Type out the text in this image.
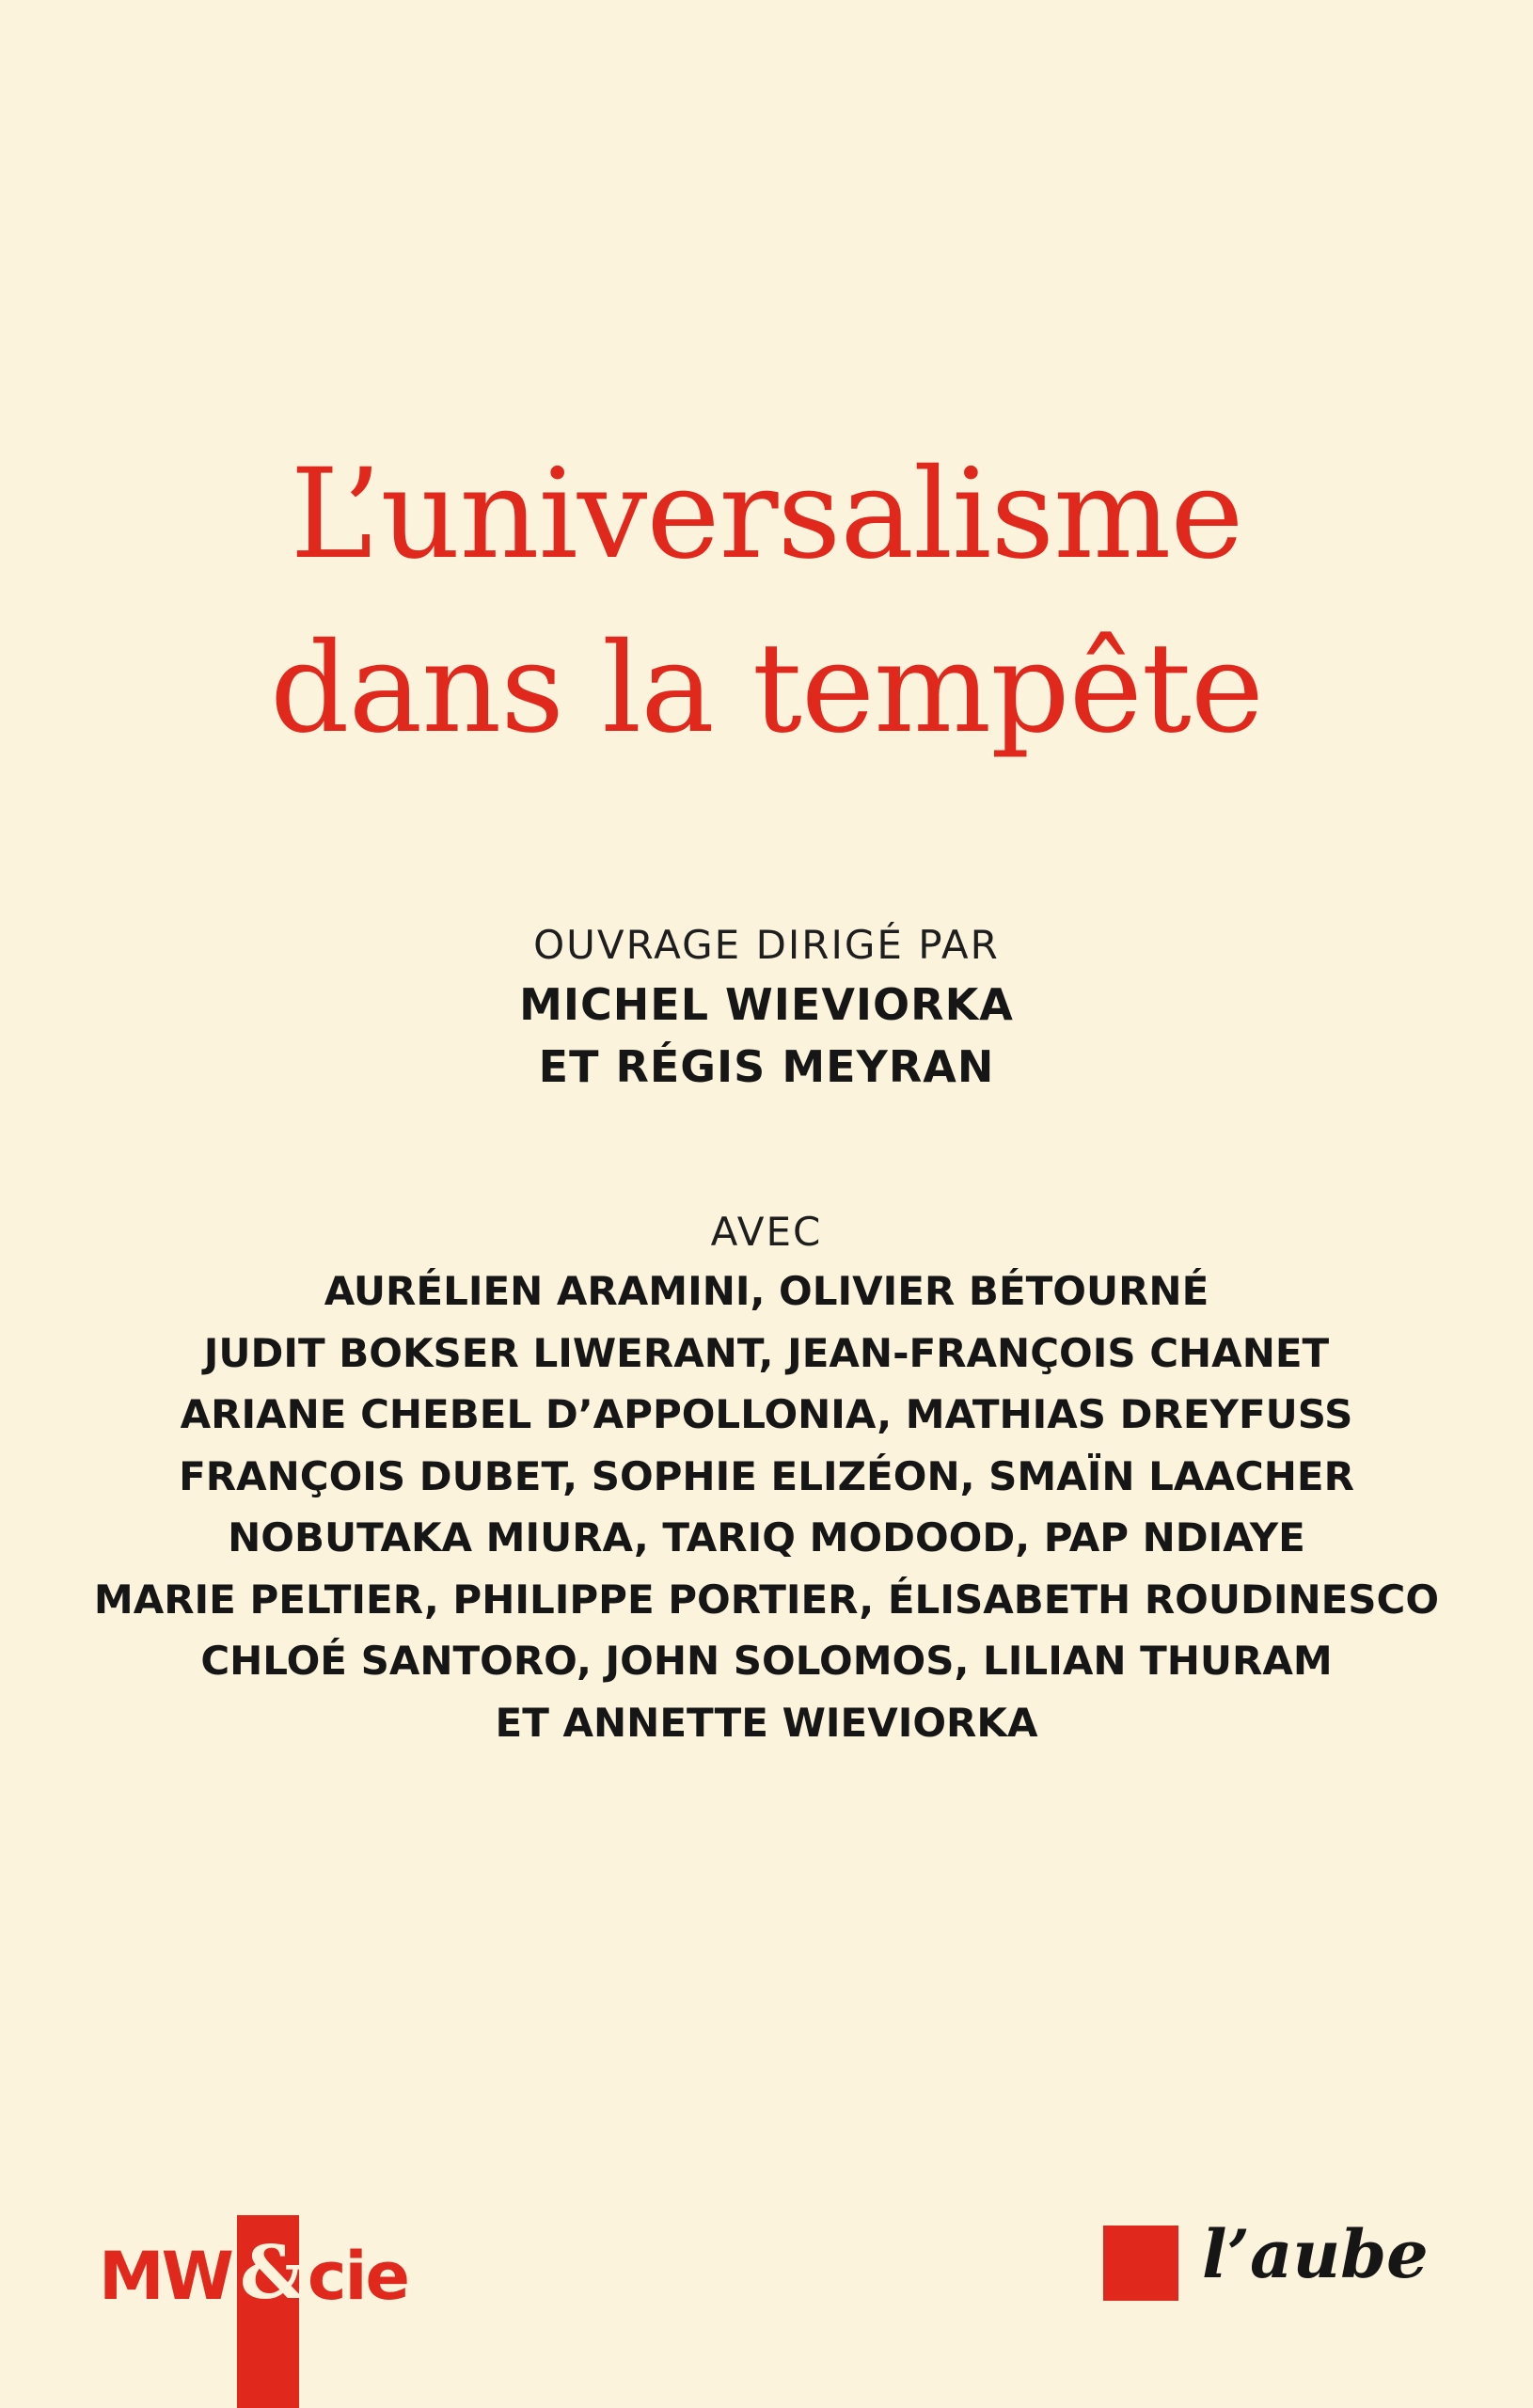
L’universalisme
dans la tempête
OUVRAGE DIRIGÉ PAR
MICHEL WIEVIORKA
ET RÉGIS MEYRAN
AVEC
AURÉLIEN ARAMINI, OLIVIER BÉTOURNÉ
JUDIT BOKSER LIWERANT, JEAN-FRANÇOIS CHANET
ARIANE CHEBEL D’APPOLLONIA, MATHIAS DREYFUSS
FRANÇOIS DUBET, SOPHIE ELIZÉON, SMAÏN LAACHER
NOBUTAKA MIURA, TARIQ MODOOD, PAP NDIAYE
MARIE PELTIER, PHILIPPE PORTIER, ÉLISABETH ROUDINESCO
CHLOÉ SANTORO, JOHN SOLOMOS, LILIAN THURAM
ET ANNETTE WIEVIORKA
MW & cie	l’aube
